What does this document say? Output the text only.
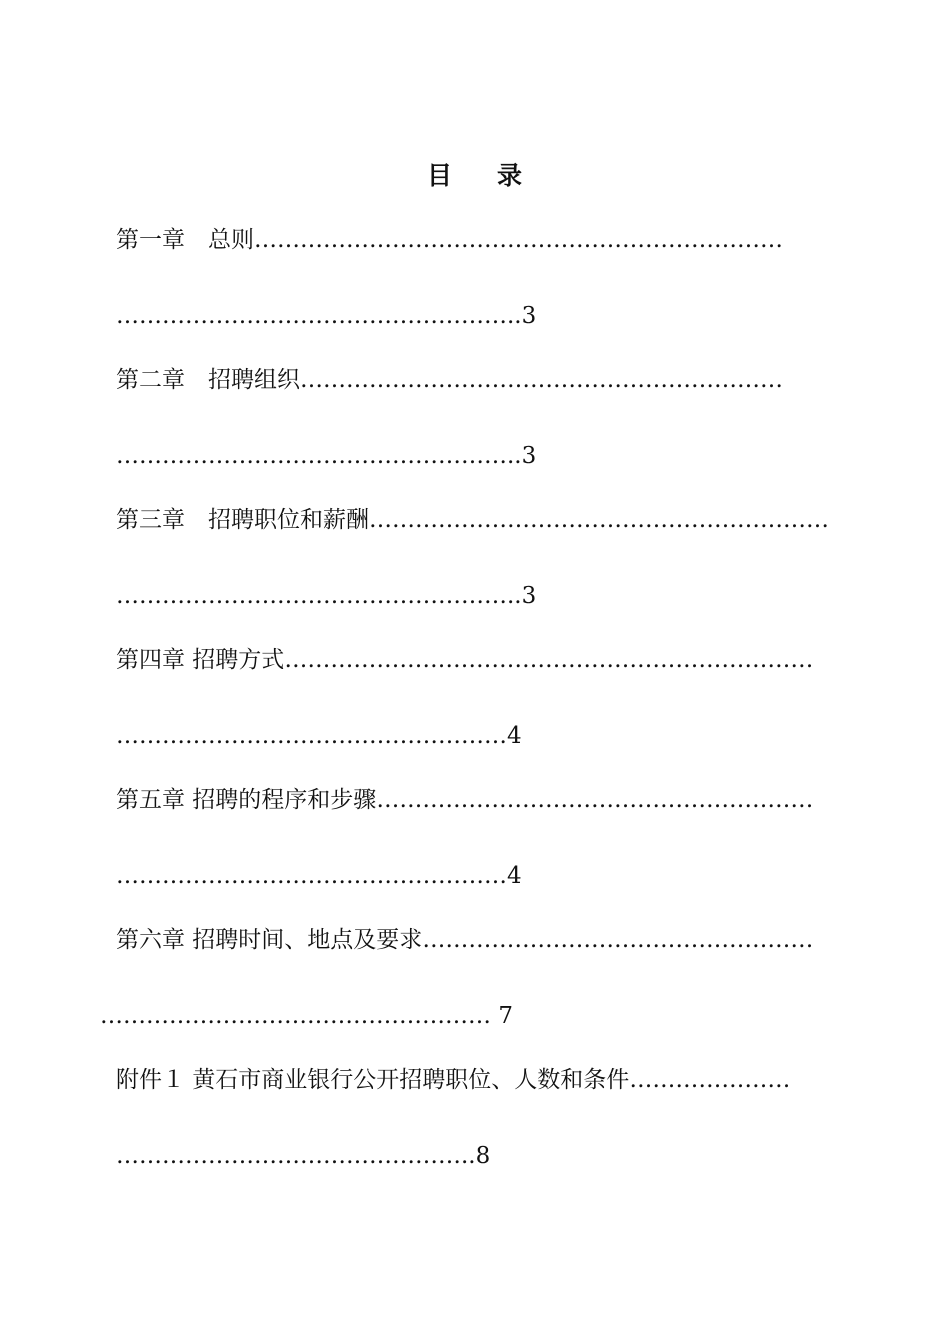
目 录
第一章　总则……………………………………………………………
……………………………………………..3
第二章　招聘组织………………………………………………………
……………………………………………..3
第三章　招聘职位和薪酬……………………………………………………
……………………………………………..3
第四章 招聘方式……………………………………………………………
……………………………………………4
第五章 招聘的程序和步骤…………………………………………………
……………………………………………4
第六章 招聘时间、地点及要求……………………………………………
…………………………………………… 7
附件１ 黄石市商业银行公开招聘职位、人数和条件…………………
………………………………………..8
